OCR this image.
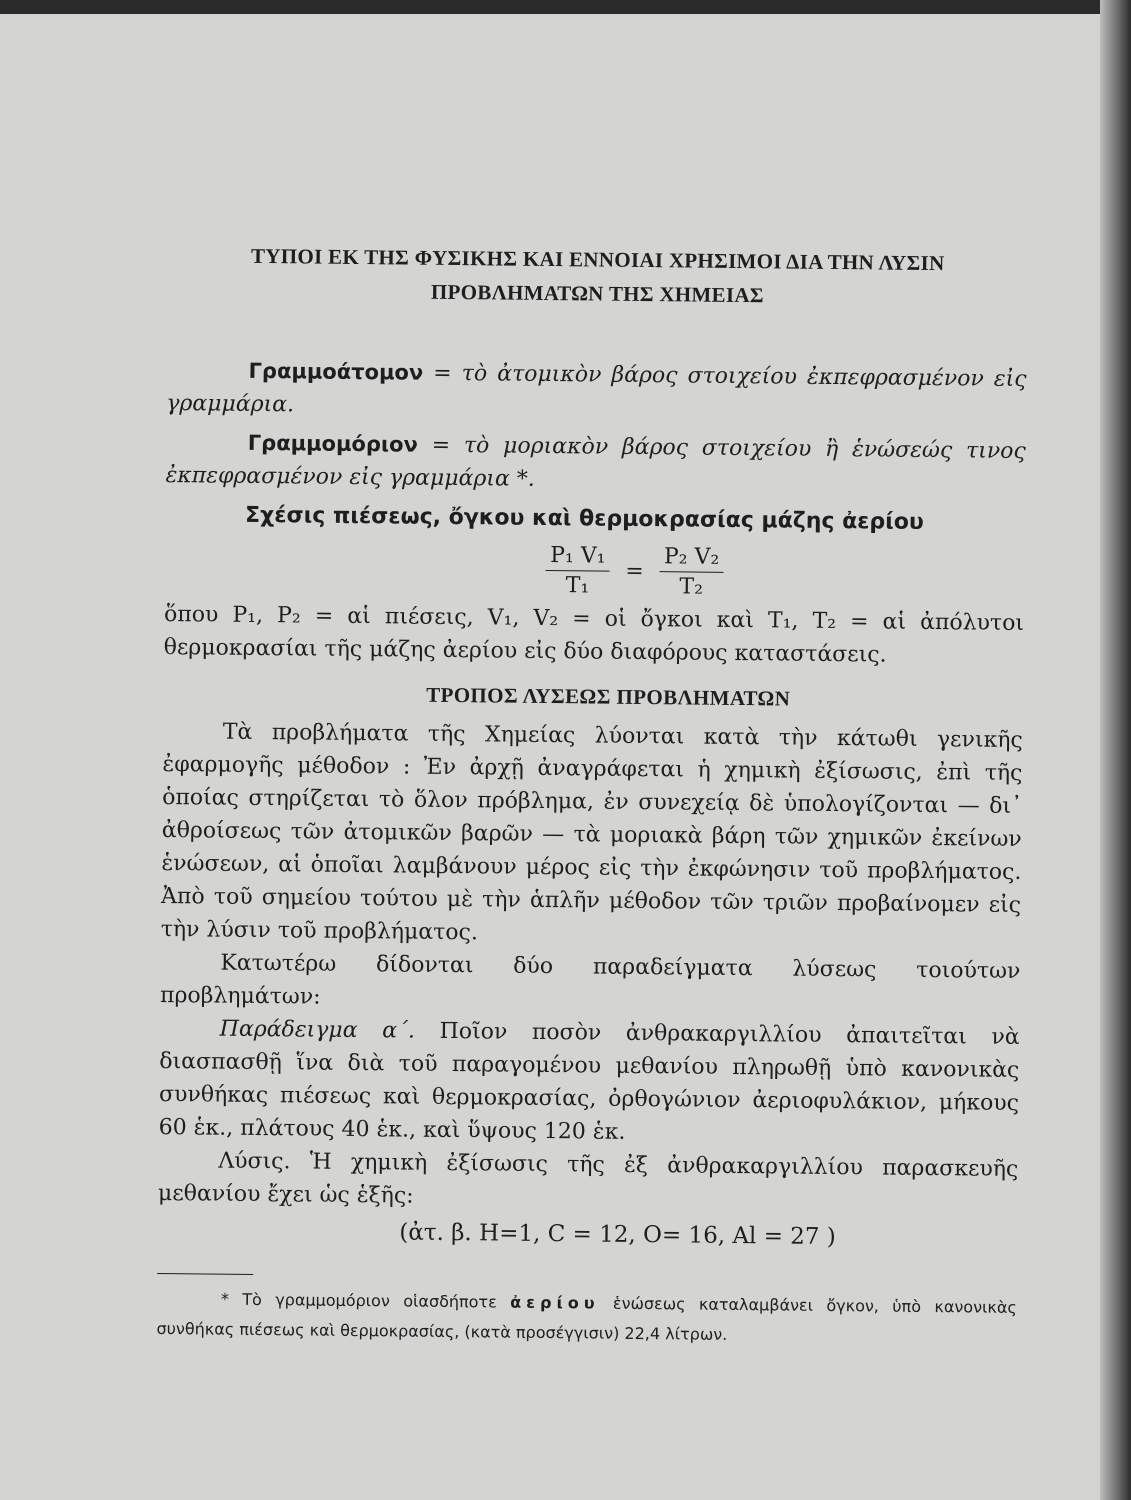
ΤΥΠΟΙ ΕΚ ΤΗΣ ΦΥΣΙΚΗΣ ΚΑΙ ΕΝΝΟΙΑΙ ΧΡΗΣΙΜΟΙ ΔΙΑ ΤΗΝ ΛΥΣΙΝ
ΠΡΟΒΛΗΜΑΤΩΝ ΤΗΣ ΧΗΜΕΙΑΣ

Γραμμοάτομον = τὸ ἀτομικὸν βάρος στοιχείου ἐκπεφρασμένον εἰς γραμμάρια.

Γραμμομόριον = τὸ μοριακὸν βάρος στοιχείου ἢ ἑνώσεώς τινος ἐκπεφρασμένον εἰς γραμμάρια *.

Σχέσις πιέσεως, ὄγκου καὶ θερμοκρασίας μάζης ἀερίου

$\frac{\text{P₁ V₁}}{\text{T₁}} = \frac{\text{P₂ V₂}}{\text{T₂}}$

ὅπου P₁, P₂ = αἱ πιέσεις, V₁, V₂ = οἱ ὄγκοι καὶ T₁, T₂ = αἱ ἀπόλυτοι θερμοκρασίαι τῆς μάζης ἀερίου εἰς δύο διαφόρους καταστάσεις.

ΤΡΟΠΟΣ ΛΥΣΕΩΣ ΠΡΟΒΛΗΜΑΤΩΝ

Τὰ προβλήματα τῆς Χημείας λύονται κατὰ τὴν κάτωθι γενικῆς ἐφαρμογῆς μέθοδον : Ἐν ἀρχῇ ἀναγράφεται ἡ χημικὴ ἐξίσωσις, ἐπὶ τῆς ὁποίας στηρίζεται τὸ ὅλον πρόβλημα, ἐν συνεχείᾳ δὲ ὑπολογίζονται — δι᾽ ἀθροίσεως τῶν ἀτομικῶν βαρῶν — τὰ μοριακὰ βάρη τῶν χημικῶν ἐκείνων ἑνώσεων, αἱ ὁποῖαι λαμβάνουν μέρος εἰς τὴν ἐκφώνησιν τοῦ προβλήματος. Ἀπὸ τοῦ σημείου τούτου μὲ τὴν ἁπλῆν μέθοδον τῶν τριῶν προβαίνομεν εἰς τὴν λύσιν τοῦ προβλήματος.

Κατωτέρω δίδονται δύο παραδείγματα λύσεως τοιούτων προβλημάτων:

Παράδειγμα α΄. Ποῖον ποσὸν ἀνθρακαργιλλίου ἀπαιτεῖται νὰ διασπασθῇ ἵνα διὰ τοῦ παραγομένου μεθανίου πληρωθῇ ὑπὸ κανονικὰς συνθήκας πιέσεως καὶ θερμοκρασίας, ὀρθογώνιον ἀεριοφυλάκιον, μήκους 60 ἑκ., πλάτους 40 ἑκ., καὶ ὕψους 120 ἑκ.

Λύσις. Ἡ χημικὴ ἐξίσωσις τῆς ἐξ ἀνθρακαργιλλίου παρασκευῆς μεθανίου ἔχει ὡς ἑξῆς:

(ἀτ. β. H=1, C = 12, O= 16, Al = 27 )

* Τὸ γραμμομόριον οἱασδήποτε ἀερίου ἑνώσεως καταλαμβάνει ὄγκον, ὑπὸ κανονικὰς συνθήκας πιέσεως καὶ θερμοκρασίας, (κατὰ προσέγγισιν) 22,4 λίτρων.
